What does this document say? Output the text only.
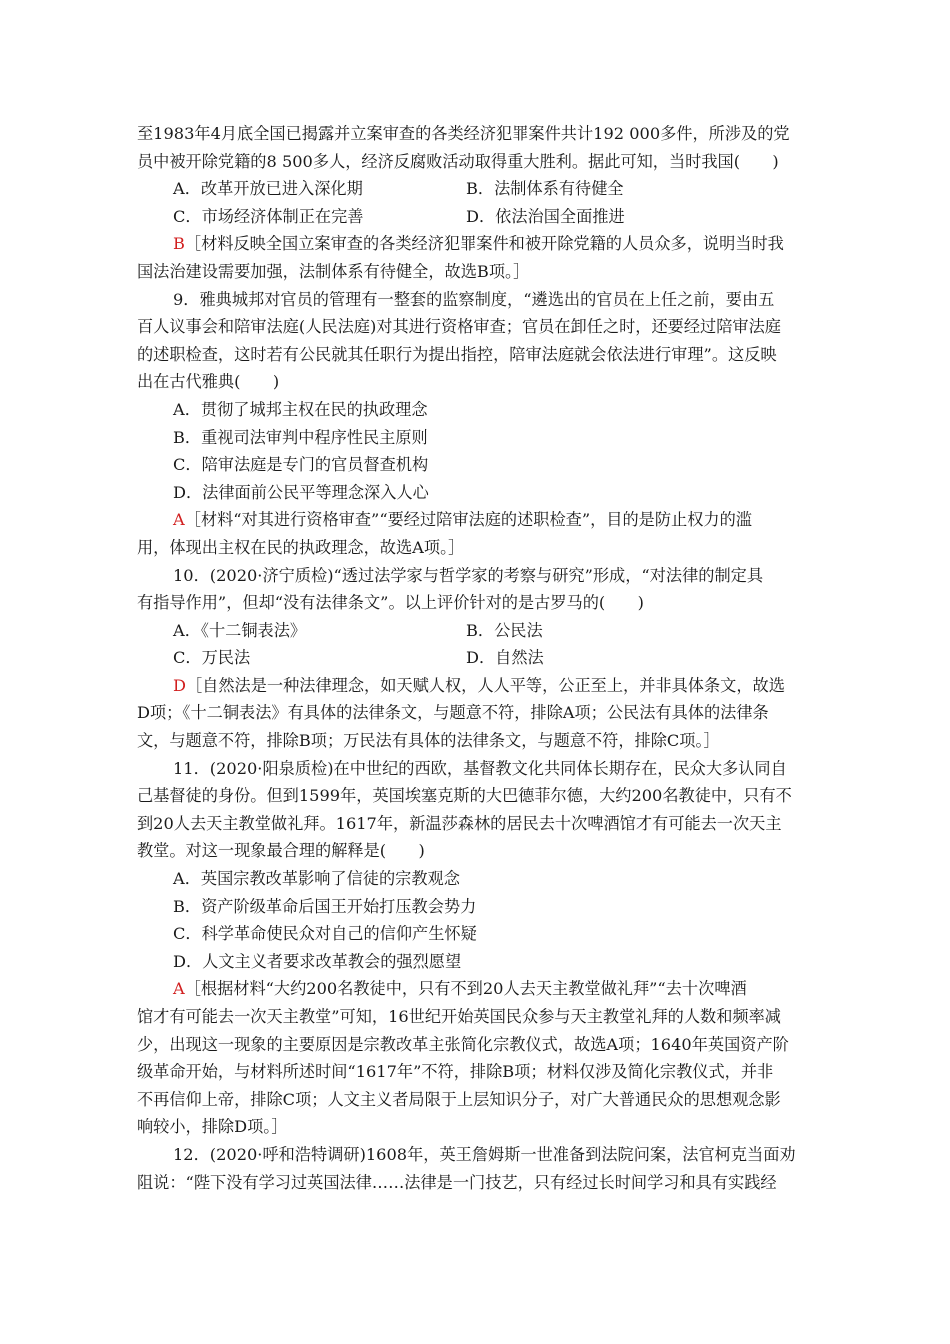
至1983年4月底全国已揭露并立案审查的各类经济犯罪案件共计192 000多件，所涉及的党
员中被开除党籍的8 500多人，经济反腐败活动取得重大胜利。据此可知，当时我国(　　)
A．改革开放已进入深化期	B．法制体系有待健全
C．市场经济体制正在完善	D．依法治国全面推进
B［材料反映全国立案审查的各类经济犯罪案件和被开除党籍的人员众多，说明当时我
国法治建设需要加强，法制体系有待健全，故选B项。］
9．雅典城邦对官员的管理有一整套的监察制度，“遴选出的官员在上任之前，要由五
百人议事会和陪审法庭(人民法庭)对其进行资格审查；官员在卸任之时，还要经过陪审法庭
的述职检查，这时若有公民就其任职行为提出指控，陪审法庭就会依法进行审理”。这反映
出在古代雅典(　　)
A．贯彻了城邦主权在民的执政理念
B．重视司法审判中程序性民主原则
C．陪审法庭是专门的官员督查机构
D．法律面前公民平等理念深入人心
A［材料“对其进行资格审查”“要经过陪审法庭的述职检查”，目的是防止权力的滥
用，体现出主权在民的执政理念，故选A项。］
10．(2020·济宁质检)“透过法学家与哲学家的考察与研究”形成，“对法律的制定具
有指导作用”，但却“没有法律条文”。以上评价针对的是古罗马的(　　)
A．《十二铜表法》	B．公民法
C．万民法	D．自然法
D［自然法是一种法律理念，如天赋人权，人人平等，公正至上，并非具体条文，故选
D项；《十二铜表法》有具体的法律条文，与题意不符，排除A项；公民法有具体的法律条
文，与题意不符，排除B项；万民法有具体的法律条文，与题意不符，排除C项。］
11．(2020·阳泉质检)在中世纪的西欧，基督教文化共同体长期存在，民众大多认同自
己基督徒的身份。但到1599年，英国埃塞克斯的大巴德菲尔德，大约200名教徒中，只有不
到20人去天主教堂做礼拜。1617年，新温莎森林的居民去十次啤酒馆才有可能去一次天主
教堂。对这一现象最合理的解释是(　　)
A．英国宗教改革影响了信徒的宗教观念
B．资产阶级革命后国王开始打压教会势力
C．科学革命使民众对自己的信仰产生怀疑
D．人文主义者要求改革教会的强烈愿望
A［根据材料“大约200名教徒中，只有不到20人去天主教堂做礼拜”“去十次啤酒
馆才有可能去一次天主教堂”可知，16世纪开始英国民众参与天主教堂礼拜的人数和频率减
少，出现这一现象的主要原因是宗教改革主张简化宗教仪式，故选A项；1640年英国资产阶
级革命开始，与材料所述时间“1617年”不符，排除B项；材料仅涉及简化宗教仪式，并非
不再信仰上帝，排除C项；人文主义者局限于上层知识分子，对广大普通民众的思想观念影
响较小，排除D项。］
12．(2020·呼和浩特调研)1608年，英王詹姆斯一世准备到法院问案，法官柯克当面劝
阻说：“陛下没有学习过英国法律……法律是一门技艺，只有经过长时间学习和具有实践经
